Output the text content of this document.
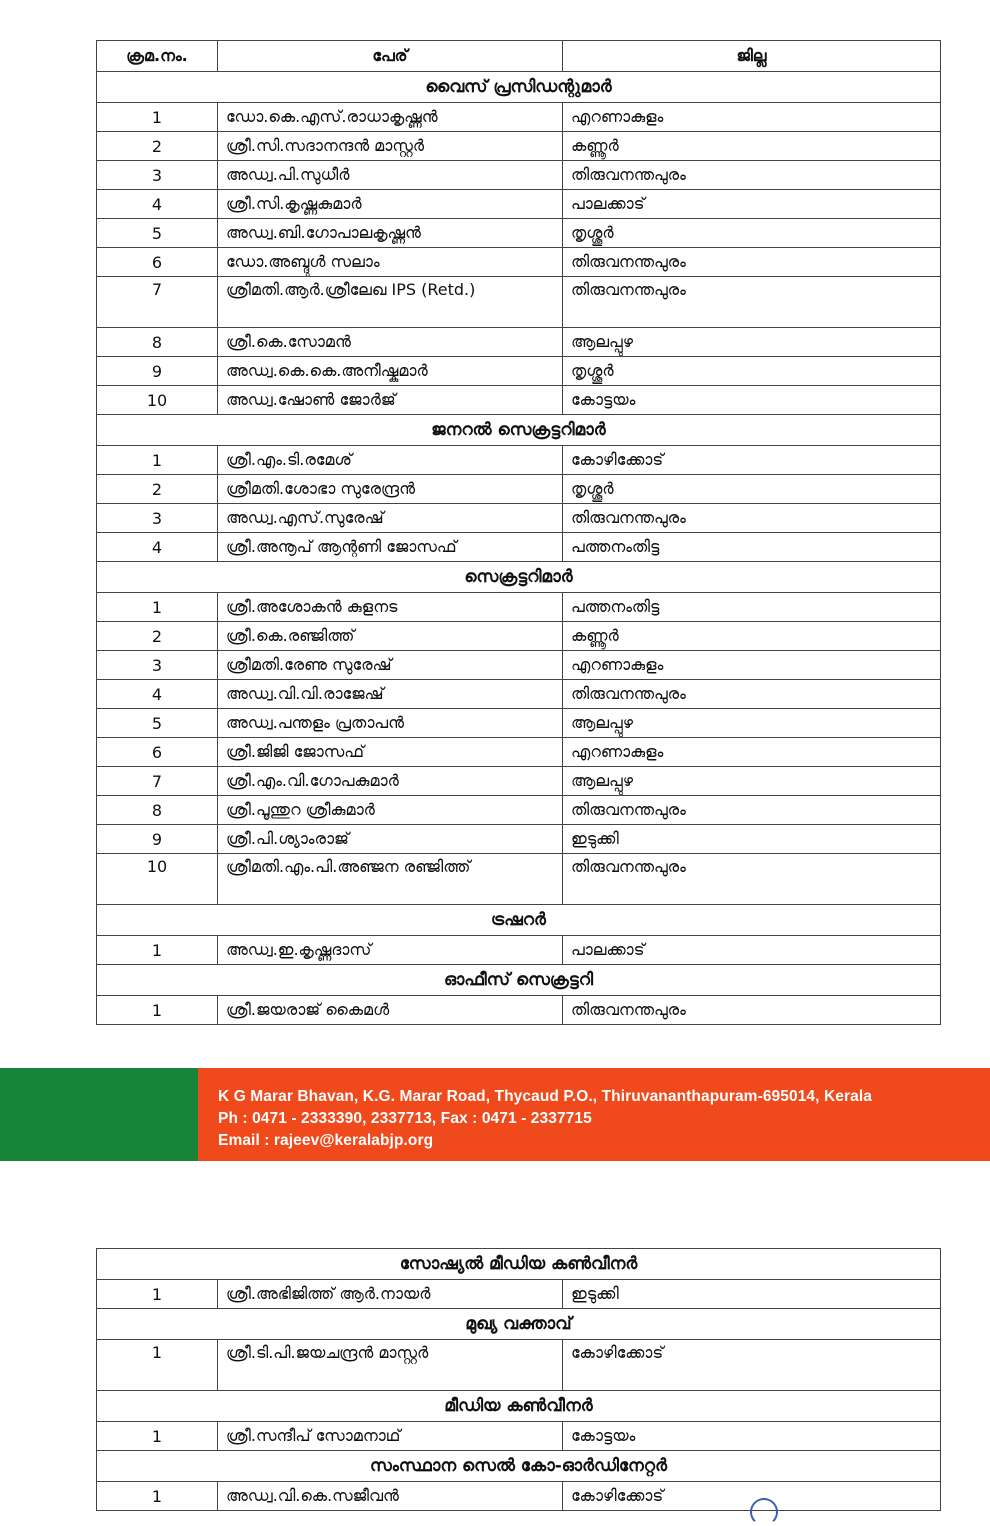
ക്രമ.നം.	പേര്	ജില്ല
വൈസ് പ്രസിഡന്റുമാർ		
1	ഡോ.കെ.എസ്.രാധാകൃഷ്ണൻ	എറണാകുളം
2	ശ്രീ.സി.സദാനന്ദൻ മാസ്റ്റർ	കണ്ണൂർ
3	അഡ്വ.പി.സുധീർ	തിരുവനന്തപുരം
4	ശ്രീ.സി.കൃഷ്ണകുമാർ	പാലക്കാട്
5	അഡ്വ.ബി.ഗോപാലകൃഷ്ണൻ	തൃശ്ശൂർ
6	ഡോ.അബ്ദുൾ സലാം	തിരുവനന്തപുരം
7	ശ്രീമതി.ആർ.ശ്രീലേഖ IPS (Retd.)	തിരുവനന്തപുരം
8	ശ്രീ.കെ.സോമൻ	ആലപ്പുഴ
9	അഡ്വ.കെ.കെ.അനീഷ്കുമാർ	തൃശ്ശൂർ
10	അഡ്വ.ഷോൺ ജോർജ്	കോട്ടയം
ജനറൽ സെക്രട്ടറിമാർ		
1	ശ്രീ.എം.ടി.രമേശ്	കോഴിക്കോട്
2	ശ്രീമതി.ശോഭാ സുരേന്ദ്രൻ	തൃശ്ശൂർ
3	അഡ്വ.എസ്.സുരേഷ്	തിരുവനന്തപുരം
4	ശ്രീ.അനൂപ് ആന്റണി ജോസഫ്	പത്തനംതിട്ട
സെക്രട്ടറിമാർ		
1	ശ്രീ.അശോകൻ കുളനട	പത്തനംതിട്ട
2	ശ്രീ.കെ.രഞ്ജിത്ത്	കണ്ണൂർ
3	ശ്രീമതി.രേണു സുരേഷ്	എറണാകുളം
4	അഡ്വ.വി.വി.രാജേഷ്	തിരുവനന്തപുരം
5	അഡ്വ.പന്തളം പ്രതാപൻ	ആലപ്പുഴ
6	ശ്രീ.ജിജി ജോസഫ്	എറണാകുളം
7	ശ്രീ.എം.വി.ഗോപകുമാർ	ആലപ്പുഴ
8	ശ്രീ.പൂന്തുറ ശ്രീകുമാർ	തിരുവനന്തപുരം
9	ശ്രീ.പി.ശ്യാംരാജ്	ഇടുക്കി
10	ശ്രീമതി.എം.പി.അഞ്ജന രഞ്ജിത്ത്	തിരുവനന്തപുരം
ട്രഷറർ		
1	അഡ്വ.ഇ.കൃഷ്ണദാസ്	പാലക്കാട്
ഓഫീസ് സെക്രട്ടറി		
1	ശ്രീ.ജയരാജ് കൈമൾ	തിരുവനന്തപുരം
K G Marar Bhavan, K.G. Marar Road, Thycaud P.O., Thiruvananthapuram-695014, Kerala
Ph : 0471 - 2333390, 2337713, Fax : 0471 - 2337715
Email : rajeev@keralabjp.org
സോഷ്യൽ മീഡിയ കൺവീനർ		
1	ശ്രീ.അഭിജിത്ത് ആർ.നായർ	ഇടുക്കി
മുഖ്യ വക്താവ്		
1	ശ്രീ.ടി.പി.ജയചന്ദ്രൻ മാസ്റ്റർ	കോഴിക്കോട്
മീഡിയ കൺവീനർ		
1	ശ്രീ.സന്ദീപ് സോമനാഥ്	കോട്ടയം
സംസ്ഥാന സെൽ കോ-ഓർഡിനേറ്റർ		
1	അഡ്വ.വി.കെ.സജീവൻ	കോഴിക്കോട്
